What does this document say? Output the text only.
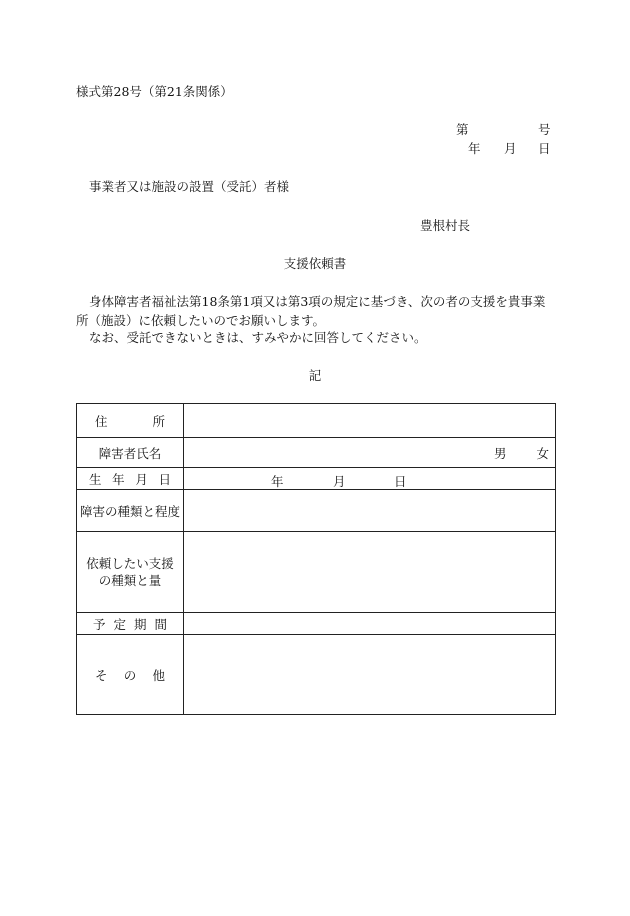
様式第28号（第21条関係）
第	号
年 月 日
事業者又は施設の設置（受託）者様
豊根村長
支援依頼書
身体障害者福祉法第18条第1項又は第3項の規定に基づき、次の者の支援を貴事業所（施設）に依頼したいのでお願いします。
なお、受託できないときは、すみやかに回答してください。
記
住 所	

障害者氏名	男 女

生 年 月 日	年 月 日

障害の種類と程度	

依頼したい支援
の種類と量	

予 定 期 間	

そ の 他	
